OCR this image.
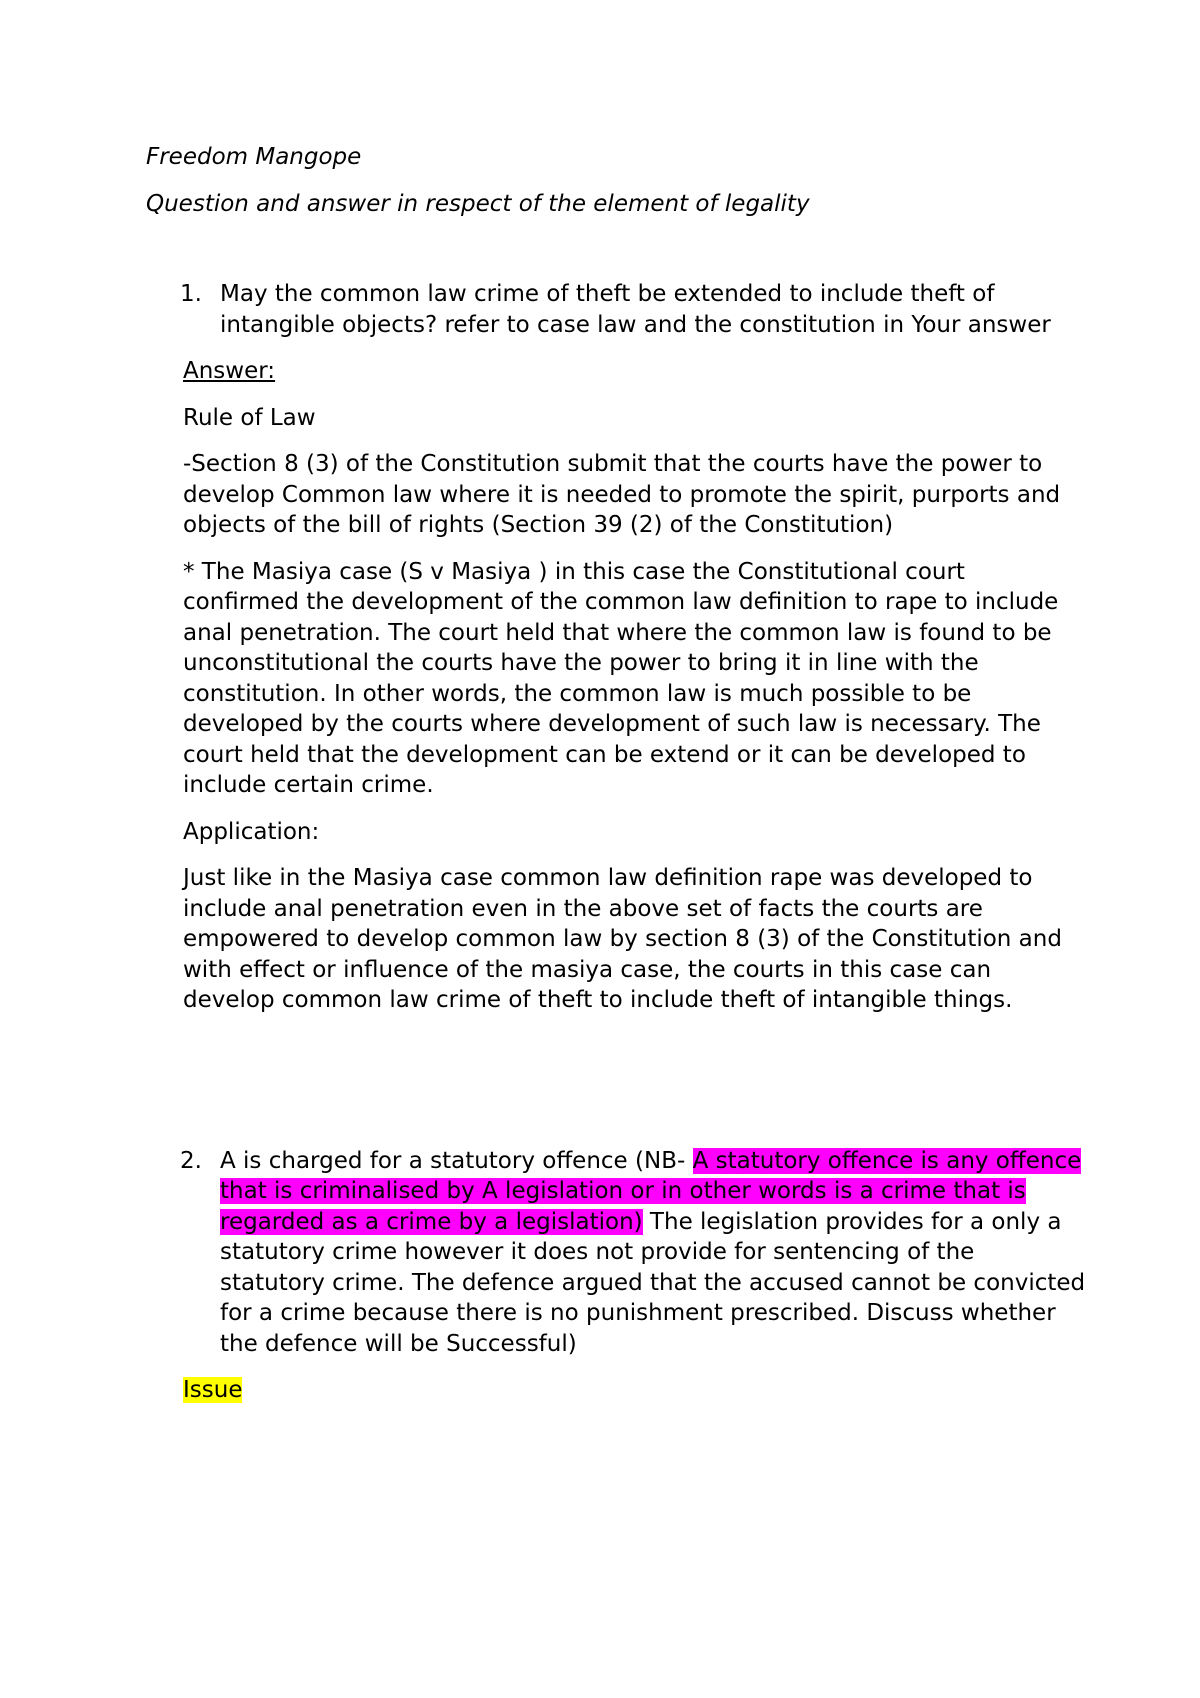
Freedom Mangope

Question and answer in respect of the element of legality

1. May the common law crime of theft be extended to include theft of intangible objects? refer to case law and the constitution in Your answer

Answer:

Rule of Law

-Section 8 (3) of the Constitution submit that the courts have the power to develop Common law where it is needed to promote the spirit, purports and objects of the bill of rights (Section 39 (2) of the Constitution)

* The Masiya case (S v Masiya ) in this case the Constitutional court confirmed the development of the common law definition to rape to include anal penetration. The court held that where the common law is found to be unconstitutional the courts have the power to bring it in line with the constitution. In other words, the common law is much possible to be developed by the courts where development of such law is necessary. The court held that the development can be extend or it can be developed to include certain crime.

Application:

Just like in the Masiya case common law definition rape was developed to include anal penetration even in the above set of facts the courts are empowered to develop common law by section 8 (3) of the Constitution and with effect or influence of the masiya case, the courts in this case can develop common law crime of theft to include theft of intangible things.

2. A is charged for a statutory offence (NB- A statutory offence is any offence that is criminalised by A legislation or in other words is a crime that is regarded as a crime by a legislation) The legislation provides for a only a statutory crime however it does not provide for sentencing of the statutory crime. The defence argued that the accused cannot be convicted for a crime because there is no punishment prescribed. Discuss whether the defence will be Successful)

Issue
